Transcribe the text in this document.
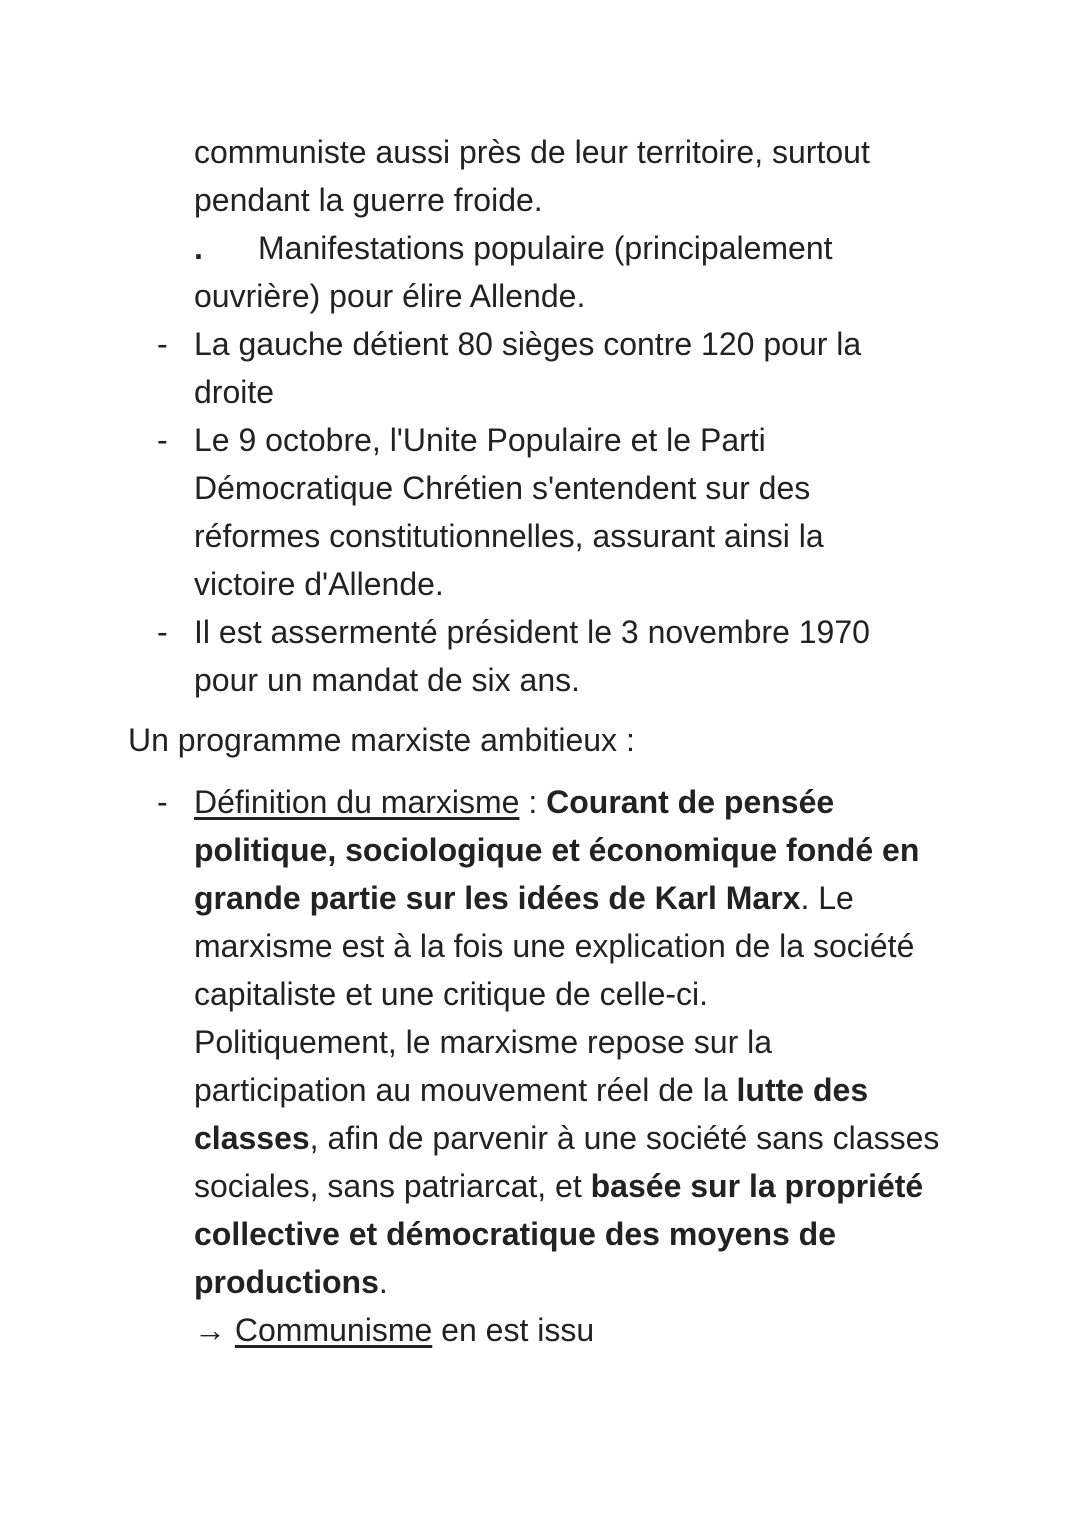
communiste aussi près de leur territoire, surtout
pendant la guerre froide.
. Manifestations populaire (principalement
ouvrière) pour élire Allende.
- La gauche détient 80 sièges contre 120 pour la
droite
- Le 9 octobre, l'Unite Populaire et le Parti
Démocratique Chrétien s'entendent sur des
réformes constitutionnelles, assurant ainsi la
victoire d'Allende.
- Il est assermenté président le 3 novembre 1970
pour un mandat de six ans.
Un programme marxiste ambitieux :
- Définition du marxisme : Courant de pensée
politique, sociologique et économique fondé en
grande partie sur les idées de Karl Marx. Le
marxisme est à la fois une explication de la société
capitaliste et une critique de celle-ci.
Politiquement, le marxisme repose sur la
participation au mouvement réel de la lutte des
classes, afin de parvenir à une société sans classes
sociales, sans patriarcat, et basée sur la propriété
collective et démocratique des moyens de
productions.
→ Communisme en est issu
